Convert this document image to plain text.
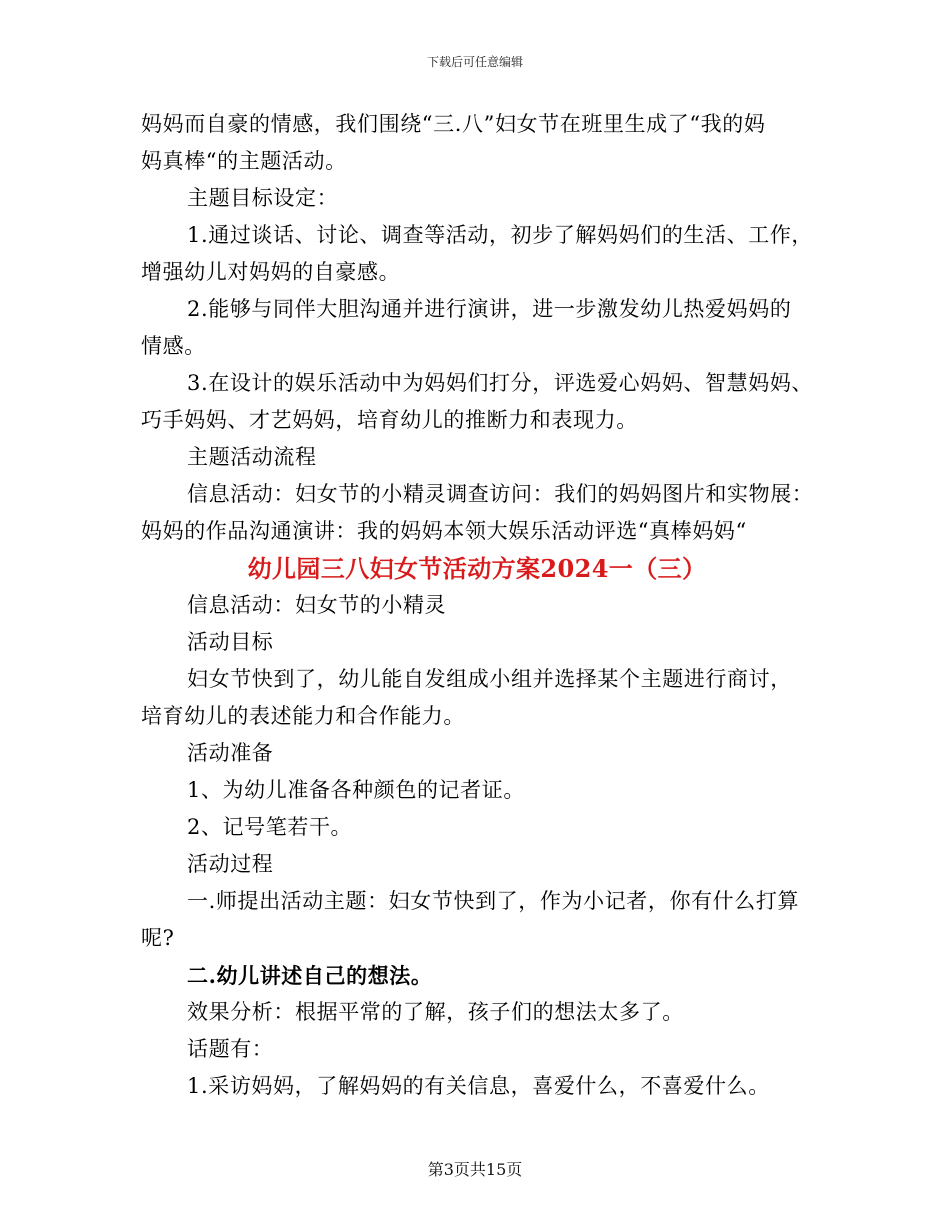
下载后可任意编辑
妈妈而自豪的情感，我们围绕“三.八”妇女节在班里生成了“我的妈
妈真棒“的主题活动。
主题目标设定：
1.通过谈话、讨论、调查等活动，初步了解妈妈们的生活、工作，
增强幼儿对妈妈的自豪感。
2.能够与同伴大胆沟通并进行演讲，进一步激发幼儿热爱妈妈的
情感。
3.在设计的娱乐活动中为妈妈们打分，评选爱心妈妈、智慧妈妈、
巧手妈妈、才艺妈妈，培育幼儿的推断力和表现力。
主题活动流程
信息活动：妇女节的小精灵调查访问：我们的妈妈图片和实物展：
妈妈的作品沟通演讲：我的妈妈本领大娱乐活动评选“真棒妈妈“
幼儿园三八妇女节活动方案2024一（三）
信息活动：妇女节的小精灵
活动目标
妇女节快到了，幼儿能自发组成小组并选择某个主题进行商讨，
培育幼儿的表述能力和合作能力。
活动准备
1、为幼儿准备各种颜色的记者证。
2、记号笔若干。
活动过程
一.师提出活动主题：妇女节快到了，作为小记者，你有什么打算
呢?
二.幼儿讲述自己的想法。
效果分析：根据平常的了解，孩子们的想法太多了。
话题有：
1.采访妈妈，了解妈妈的有关信息，喜爱什么，不喜爱什么。
第3页共15页
